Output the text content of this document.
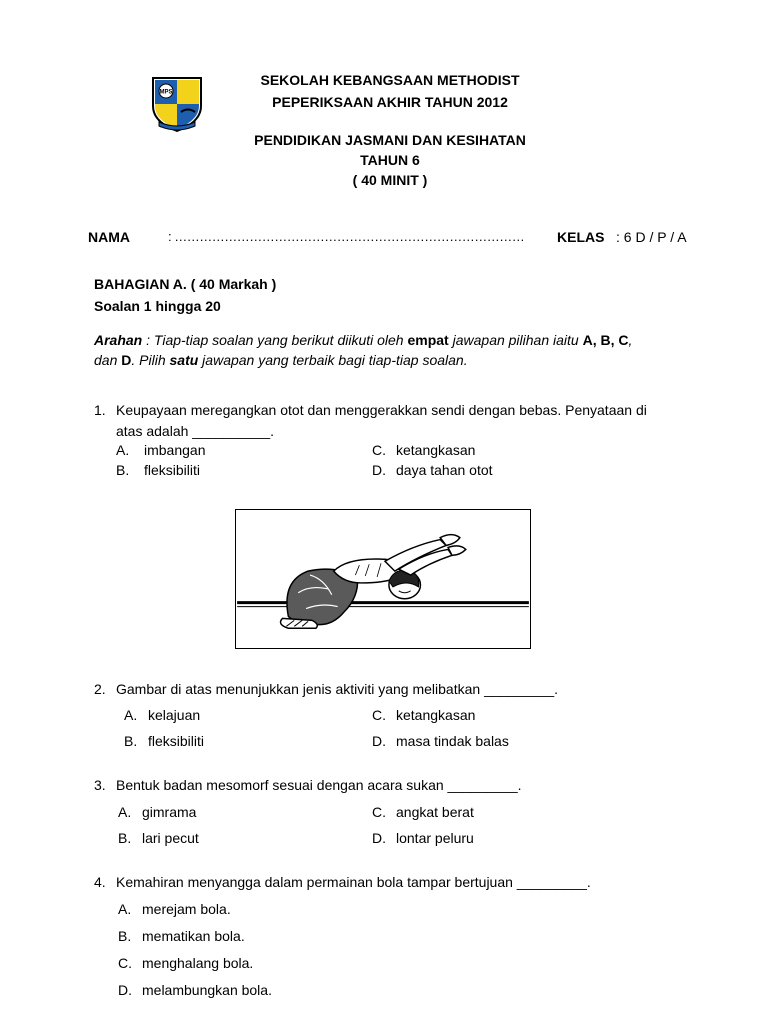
MPS
SEKOLAH KEBANGSAAN METHODIST
PEPERIKSAAN AKHIR TAHUN 2012
PENDIDIKAN JASMANI DAN KESIHATAN
TAHUN 6
( 40 MINIT )
NAMA	: ………………………………………………………………………… KELAS : 6 D / P / A
BAHAGIAN A. ( 40 Markah )
Soalan 1 hingga 20
Arahan : Tiap-tiap soalan yang berikut diikuti oleh empat jawapan pilihan iaitu A, B, C,
dan D. Pilih satu jawapan yang terbaik bagi tiap-tiap soalan.
1. Keupayaan meregangkan otot dan menggerakkan sendi dengan bebas. Penyataan di
atas adalah __________.
A. imbangan	C. ketangkasan
B. fleksibiliti	D. daya tahan otot
2. Gambar di atas menunjukkan jenis aktiviti yang melibatkan _________.
A. kelajuan	C. ketangkasan
B. fleksibiliti	D. masa tindak balas
3. Bentuk badan mesomorf sesuai dengan acara sukan _________.
A. gimrama	C. angkat berat
B. lari pecut	D. lontar peluru
4. Kemahiran menyangga dalam permainan bola tampar bertujuan _________.
A. merejam bola.
B. mematikan bola.
C. menghalang bola.
D. melambungkan bola.
